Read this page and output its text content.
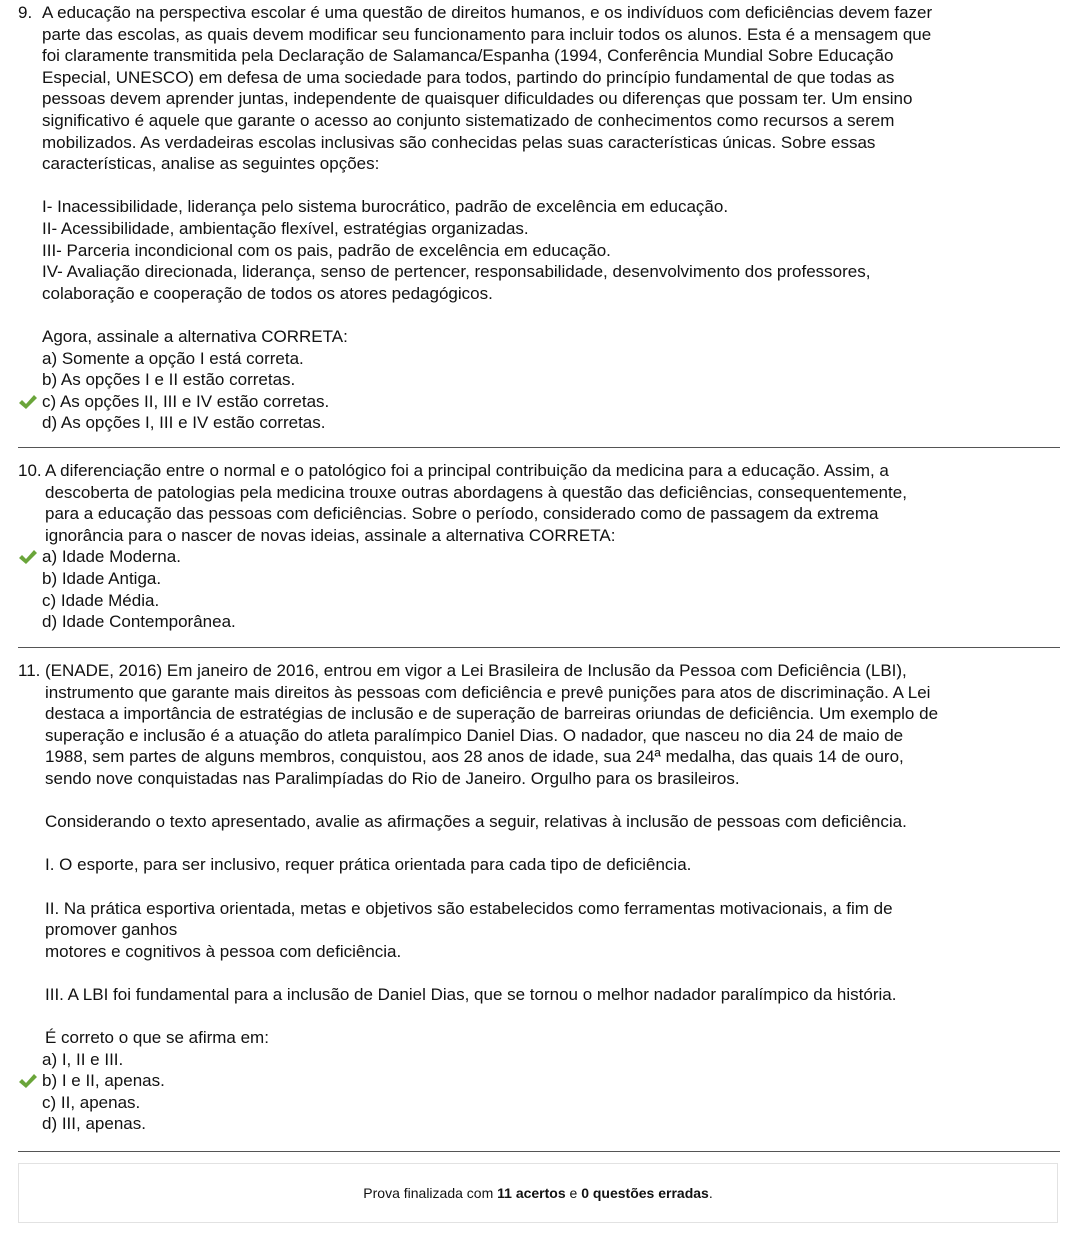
9. A educação na perspectiva escolar é uma questão de direitos humanos, e os indivíduos com deficiências devem fazer
parte das escolas, as quais devem modificar seu funcionamento para incluir todos os alunos. Esta é a mensagem que
foi claramente transmitida pela Declaração de Salamanca/Espanha (1994, Conferência Mundial Sobre Educação
Especial, UNESCO) em defesa de uma sociedade para todos, partindo do princípio fundamental de que todas as
pessoas devem aprender juntas, independente de quaisquer dificuldades ou diferenças que possam ter. Um ensino
significativo é aquele que garante o acesso ao conjunto sistematizado de conhecimentos como recursos a serem
mobilizados. As verdadeiras escolas inclusivas são conhecidas pelas suas características únicas. Sobre essas
características, analise as seguintes opções:
I- Inacessibilidade, liderança pelo sistema burocrático, padrão de excelência em educação.
II- Acessibilidade, ambientação flexível, estratégias organizadas.
III- Parceria incondicional com os pais, padrão de excelência em educação.
IV- Avaliação direcionada, liderança, senso de pertencer, responsabilidade, desenvolvimento dos professores,
colaboração e cooperação de todos os atores pedagógicos.
Agora, assinale a alternativa CORRETA:
a) Somente a opção I está correta.
b) As opções I e II estão corretas.
c) As opções II, III e IV estão corretas.
d) As opções I, III e IV estão corretas.
10. A diferenciação entre o normal e o patológico foi a principal contribuição da medicina para a educação. Assim, a
descoberta de patologias pela medicina trouxe outras abordagens à questão das deficiências, consequentemente,
para a educação das pessoas com deficiências. Sobre o período, considerado como de passagem da extrema
ignorância para o nascer de novas ideias, assinale a alternativa CORRETA:
a) Idade Moderna.
b) Idade Antiga.
c) Idade Média.
d) Idade Contemporânea.
11. (ENADE, 2016) Em janeiro de 2016, entrou em vigor a Lei Brasileira de Inclusão da Pessoa com Deficiência (LBI),
instrumento que garante mais direitos às pessoas com deficiência e prevê punições para atos de discriminação. A Lei
destaca a importância de estratégias de inclusão e de superação de barreiras oriundas de deficiência. Um exemplo de
superação e inclusão é a atuação do atleta paralímpico Daniel Dias. O nadador, que nasceu no dia 24 de maio de
1988, sem partes de alguns membros, conquistou, aos 28 anos de idade, sua 24ª medalha, das quais 14 de ouro,
sendo nove conquistadas nas Paralimpíadas do Rio de Janeiro. Orgulho para os brasileiros.
Considerando o texto apresentado, avalie as afirmações a seguir, relativas à inclusão de pessoas com deficiência.
I. O esporte, para ser inclusivo, requer prática orientada para cada tipo de deficiência.
II. Na prática esportiva orientada, metas e objetivos são estabelecidos como ferramentas motivacionais, a fim de
promover ganhos
motores e cognitivos à pessoa com deficiência.
III. A LBI foi fundamental para a inclusão de Daniel Dias, que se tornou o melhor nadador paralímpico da história.
É correto o que se afirma em:
a) I, II e III.
b) I e II, apenas.
c) II, apenas.
d) III, apenas.
Prova finalizada com 11 acertos e 0 questões erradas.
